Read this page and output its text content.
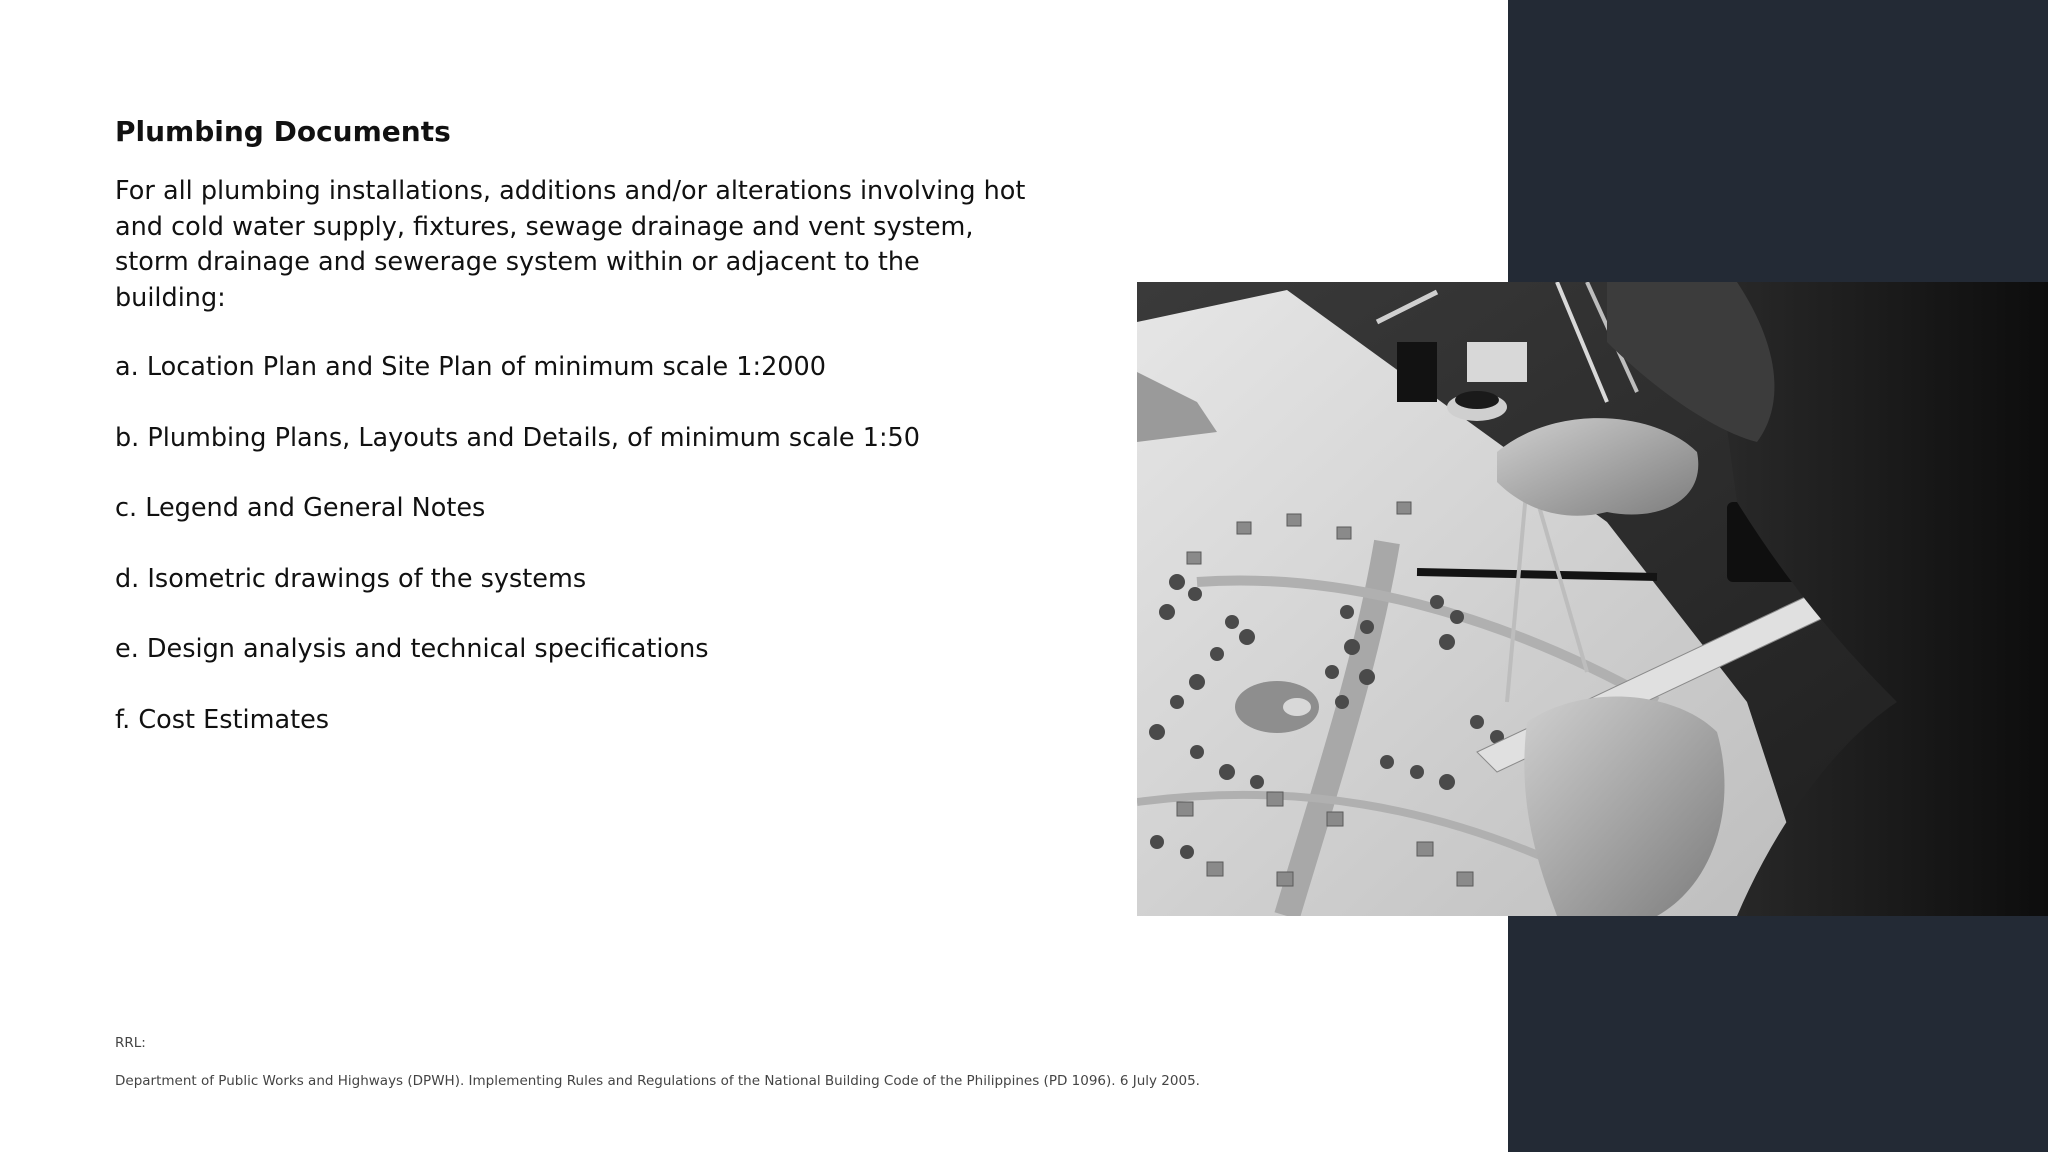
Plumbing Documents

For all plumbing installations, additions and/or alterations involving hot and cold water supply, fixtures, sewage drainage and vent system, storm drainage and sewerage system within or adjacent to the building:

a. Location Plan and Site Plan of minimum scale 1:2000
b. Plumbing Plans, Layouts and Details, of minimum scale 1:50
c. Legend and General Notes
d. Isometric drawings of the systems
e. Design analysis and technical specifications
f. Cost Estimates
RRL:
Department of Public Works and Highways (DPWH). Implementing Rules and Regulations of the National Building Code of the Philippines (PD 1096). 6 July 2005.
